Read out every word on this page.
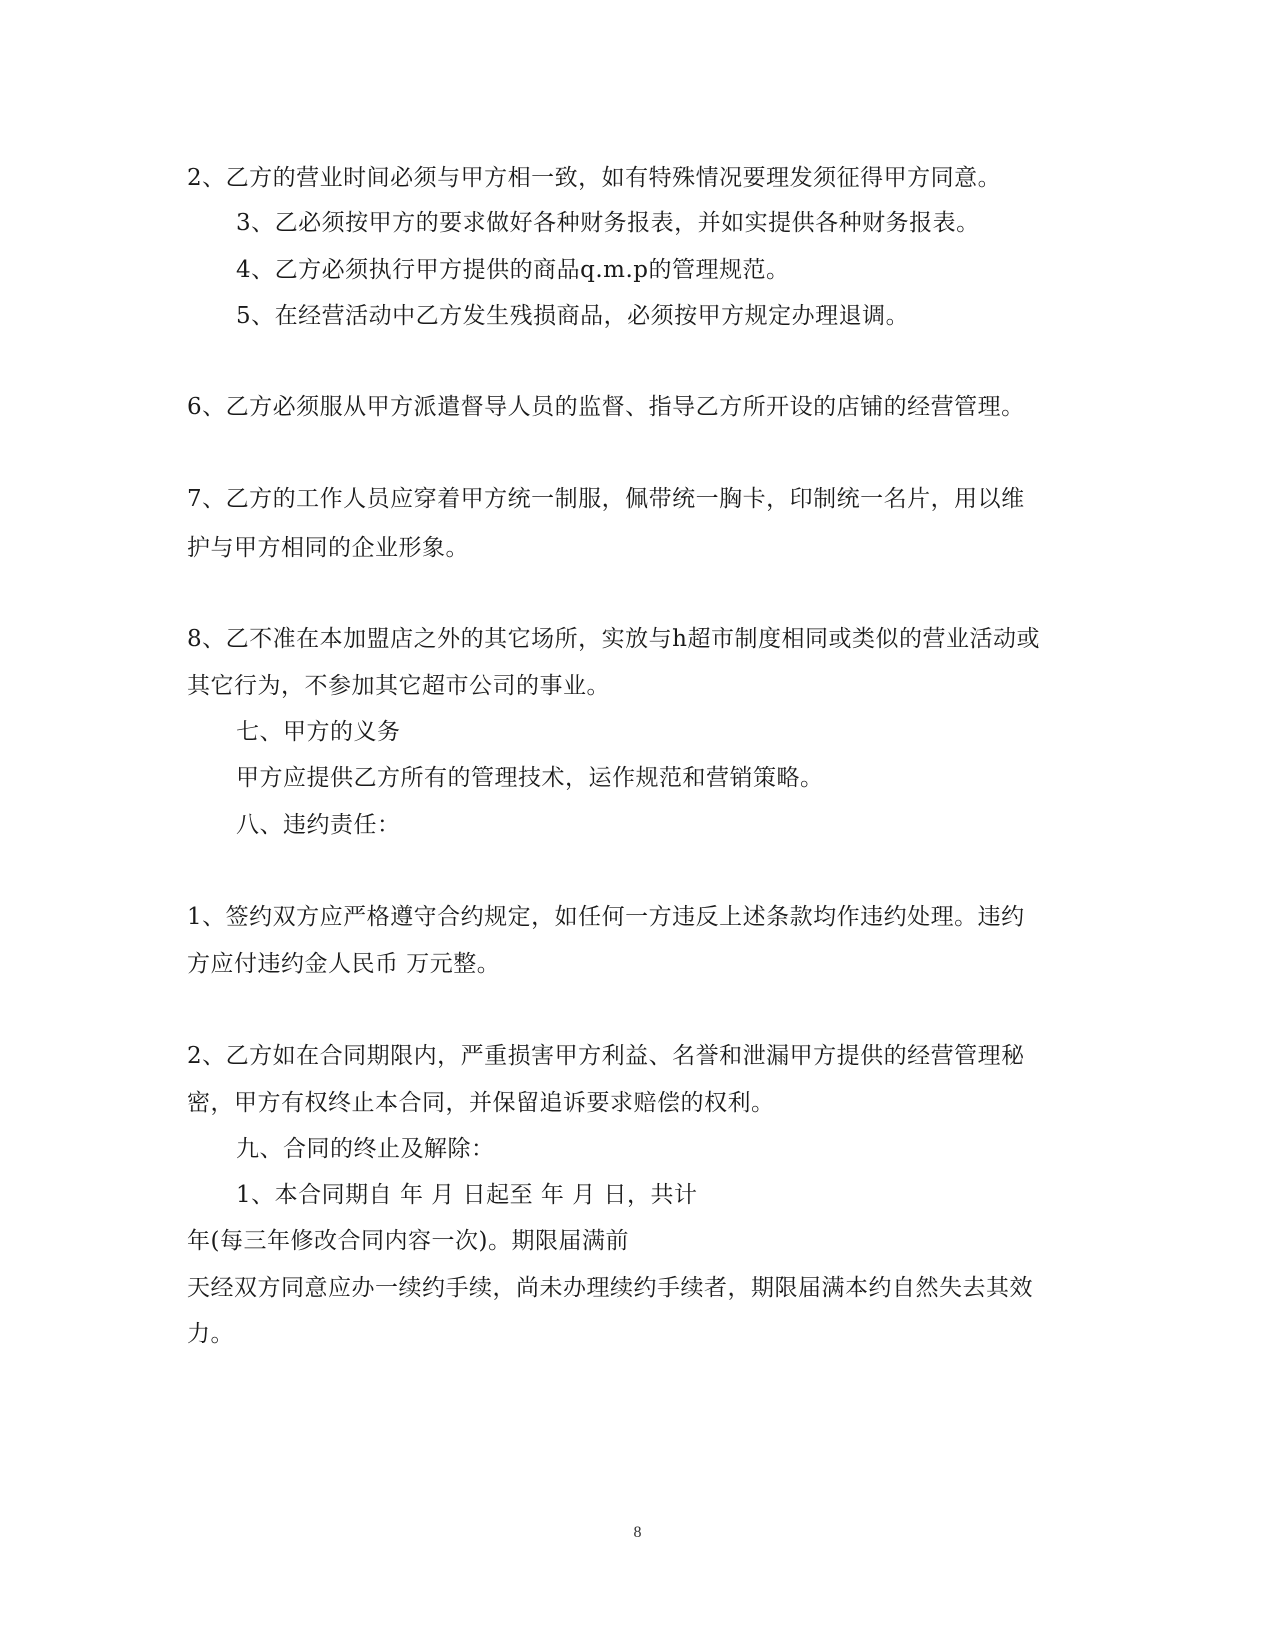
2、乙方的营业时间必须与甲方相一致，如有特殊情况要理发须征得甲方同意。
3、乙必须按甲方的要求做好各种财务报表，并如实提供各种财务报表。
4、乙方必须执行甲方提供的商品q.m.p的管理规范。
5、在经营活动中乙方发生残损商品，必须按甲方规定办理退调。
6、乙方必须服从甲方派遣督导人员的监督、指导乙方所开设的店铺的经营管理。
7、乙方的工作人员应穿着甲方统一制服，佩带统一胸卡，印制统一名片，用以维
护与甲方相同的企业形象。
8、乙不准在本加盟店之外的其它场所，实放与h超市制度相同或类似的营业活动或
其它行为，不参加其它超市公司的事业。
七、甲方的义务
甲方应提供乙方所有的管理技术，运作规范和营销策略。
八、违约责任：
1、签约双方应严格遵守合约规定，如任何一方违反上述条款均作违约处理。违约
方应付违约金人民币 万元整。
2、乙方如在合同期限内，严重损害甲方利益、名誉和泄漏甲方提供的经营管理秘
密，甲方有权终止本合同，并保留追诉要求赔偿的权利。
九、合同的终止及解除：
1、本合同期自 年 月 日起至 年 月 日，共计
年(每三年修改合同内容一次)。期限届满前
天经双方同意应办一续约手续，尚未办理续约手续者，期限届满本约自然失去其效
力。
8
